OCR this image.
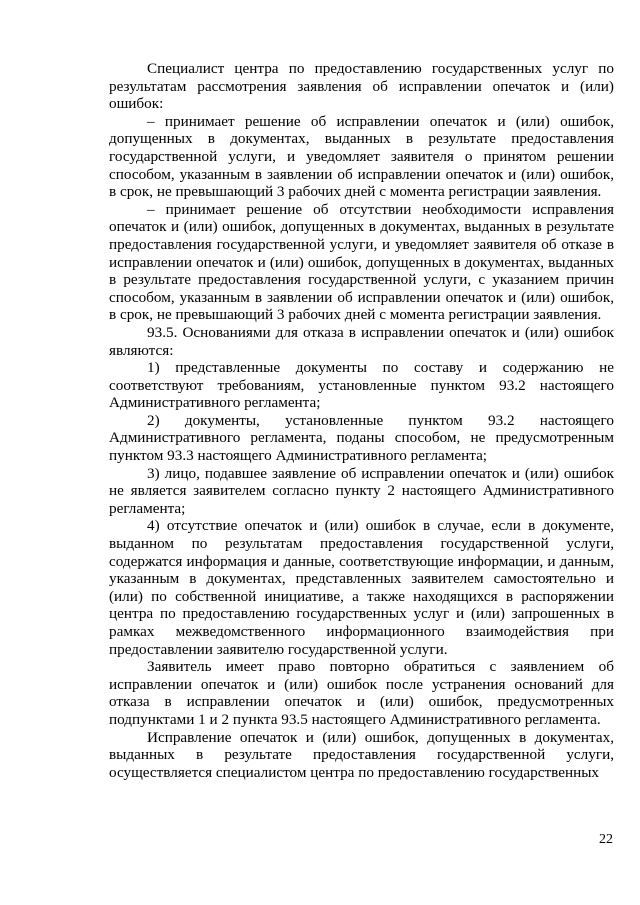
Специалист центра по предоставлению государственных услуг по результатам рассмотрения заявления об исправлении опечаток и (или) ошибок:

– принимает решение об исправлении опечаток и (или) ошибок, допущенных в документах, выданных в результате предоставления государственной услуги, и уведомляет заявителя о принятом решении способом, указанным в заявлении об исправлении опечаток и (или) ошибок, в срок, не превышающий 3 рабочих дней с момента регистрации заявления.

– принимает решение об отсутствии необходимости исправления опечаток и (или) ошибок, допущенных в документах, выданных в результате предоставления государственной услуги, и уведомляет заявителя об отказе в исправлении опечаток и (или) ошибок, допущенных в документах, выданных в результате предоставления государственной услуги, с указанием причин способом, указанным в заявлении об исправлении опечаток и (или) ошибок, в срок, не превышающий 3 рабочих дней с момента регистрации заявления.

93.5. Основаниями для отказа в исправлении опечаток и (или) ошибок являются:

1) представленные документы по составу и содержанию не соответствуют требованиям, установленные пунктом 93.2 настоящего Административного регламента;

2) документы, установленные пунктом 93.2 настоящего Административного регламента, поданы способом, не предусмотренным пунктом 93.3 настоящего Административного регламента;

3) лицо, подавшее заявление об исправлении опечаток и (или) ошибок не является заявителем согласно пункту 2 настоящего Административного регламента;

4) отсутствие опечаток и (или) ошибок в случае, если в документе, выданном по результатам предоставления государственной услуги, содержатся информация и данные, соответствующие информации, и данным, указанным в документах, представленных заявителем самостоятельно и (или) по собственной инициативе, а также находящихся в распоряжении центра по предоставлению государственных услуг и (или) запрошенных в рамках межведомственного информационного взаимодействия при предоставлении заявителю государственной услуги.

Заявитель имеет право повторно обратиться с заявлением об исправлении опечаток и (или) ошибок после устранения оснований для отказа в исправлении опечаток и (или) ошибок, предусмотренных подпунктами 1 и 2 пункта 93.5 настоящего Административного регламента.

Исправление опечаток и (или) ошибок, допущенных в документах, выданных в результате предоставления государственной услуги, осуществляется специалистом центра по предоставлению государственных

22
